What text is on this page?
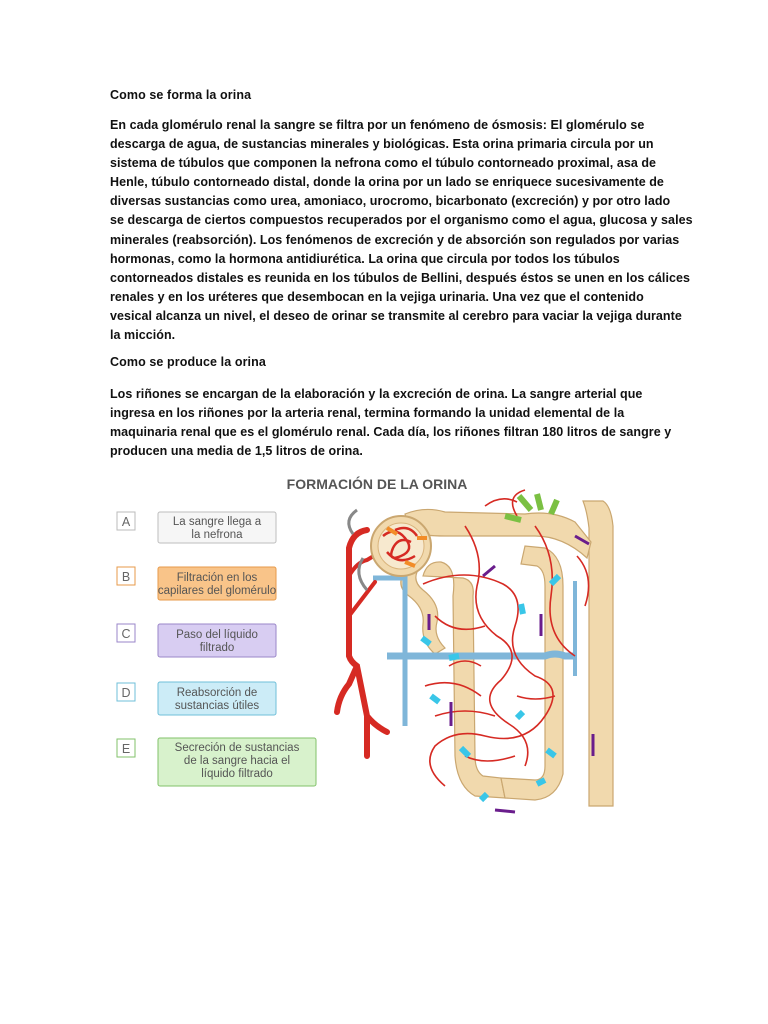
Como se forma la orina
En cada glomérulo renal la sangre se filtra por un fenómeno de ósmosis: El glomérulo se
descarga de agua, de sustancias minerales y biológicas. Esta orina primaria circula por un
sistema de túbulos que componen la nefrona como el túbulo contorneado proximal, asa de
Henle, túbulo contorneado distal, donde la orina por un lado se enriquece sucesivamente de
diversas sustancias como urea, amoniaco, urocromo, bicarbonato (excreción) y por otro lado
se descarga de ciertos compuestos recuperados por el organismo como el agua, glucosa y sales
minerales (reabsorción). Los fenómenos de excreción y de absorción son regulados por varias
hormonas, como la hormona antidiurética. La orina que circula por todos los túbulos
contorneados distales es reunida en los túbulos de Bellini, después éstos se unen en los cálices
renales y en los uréteres que desembocan en la vejiga urinaria. Una vez que el contenido
vesical alcanza un nivel, el deseo de orinar se transmite al cerebro para vaciar la vejiga durante
la micción.
Como se produce la orina
Los riñones se encargan de la elaboración y la excreción de orina. La sangre arterial que
ingresa en los riñones por la arteria renal, termina formando la unidad elemental de la
maquinaria renal que es el glomérulo renal. Cada día, los riñones filtran 180 litros de sangre y
producen una media de 1,5 litros de orina.
FORMACIÓN DE LA ORINA
A	La sangre llega a
la nefrona
B	Filtración en los
capilares del glomérulo
C	Paso del líquido
filtrado
D	Reabsorción de
sustancias útiles
E	Secreción de sustancias
de la sangre hacia el
líquido filtrado
